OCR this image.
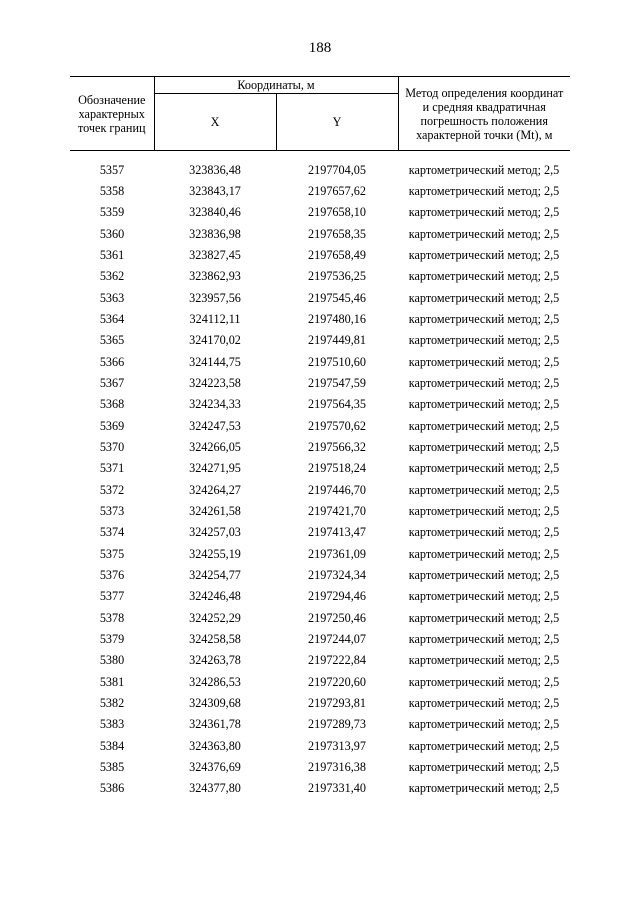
188
Обозначение характерных точек границ	Координаты, м		Метод определения координат и средняя квадратичная погрешность положения характерной точки (Mt), м
	X	Y	
5357	323836,48	2197704,05	картометрический метод; 2,5
5358	323843,17	2197657,62	картометрический метод; 2,5
5359	323840,46	2197658,10	картометрический метод; 2,5
5360	323836,98	2197658,35	картометрический метод; 2,5
5361	323827,45	2197658,49	картометрический метод; 2,5
5362	323862,93	2197536,25	картометрический метод; 2,5
5363	323957,56	2197545,46	картометрический метод; 2,5
5364	324112,11	2197480,16	картометрический метод; 2,5
5365	324170,02	2197449,81	картометрический метод; 2,5
5366	324144,75	2197510,60	картометрический метод; 2,5
5367	324223,58	2197547,59	картометрический метод; 2,5
5368	324234,33	2197564,35	картометрический метод; 2,5
5369	324247,53	2197570,62	картометрический метод; 2,5
5370	324266,05	2197566,32	картометрический метод; 2,5
5371	324271,95	2197518,24	картометрический метод; 2,5
5372	324264,27	2197446,70	картометрический метод; 2,5
5373	324261,58	2197421,70	картометрический метод; 2,5
5374	324257,03	2197413,47	картометрический метод; 2,5
5375	324255,19	2197361,09	картометрический метод; 2,5
5376	324254,77	2197324,34	картометрический метод; 2,5
5377	324246,48	2197294,46	картометрический метод; 2,5
5378	324252,29	2197250,46	картометрический метод; 2,5
5379	324258,58	2197244,07	картометрический метод; 2,5
5380	324263,78	2197222,84	картометрический метод; 2,5
5381	324286,53	2197220,60	картометрический метод; 2,5
5382	324309,68	2197293,81	картометрический метод; 2,5
5383	324361,78	2197289,73	картометрический метод; 2,5
5384	324363,80	2197313,97	картометрический метод; 2,5
5385	324376,69	2197316,38	картометрический метод; 2,5
5386	324377,80	2197331,40	картометрический метод; 2,5
